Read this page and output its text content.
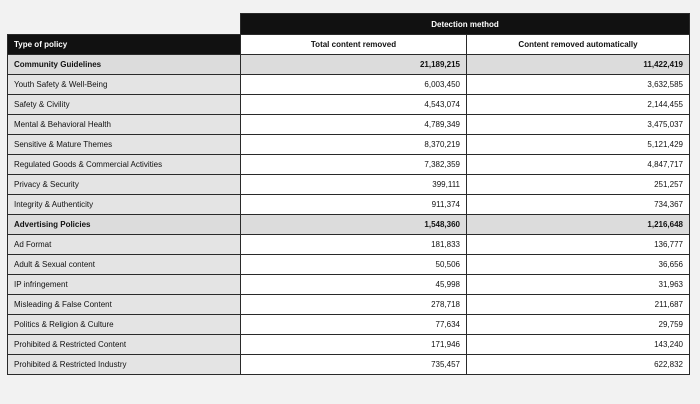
	Detection method	
Type of policy	Total content removed	Content removed automatically
Community Guidelines	21,189,215	11,422,419
Youth Safety & Well-Being	6,003,450	3,632,585
Safety & Civility	4,543,074	2,144,455
Mental & Behavioral Health	4,789,349	3,475,037
Sensitive & Mature Themes	8,370,219	5,121,429
Regulated Goods & Commercial Activities	7,382,359	4,847,717
Privacy & Security	399,111	251,257
Integrity & Authenticity	911,374	734,367
Advertising Policies	1,548,360	1,216,648
Ad Format	181,833	136,777
Adult & Sexual content	50,506	36,656
IP infringement	45,998	31,963
Misleading & False Content	278,718	211,687
Politics & Religion & Culture	77,634	29,759
Prohibited & Restricted Content	171,946	143,240
Prohibited & Restricted Industry	735,457	622,832
